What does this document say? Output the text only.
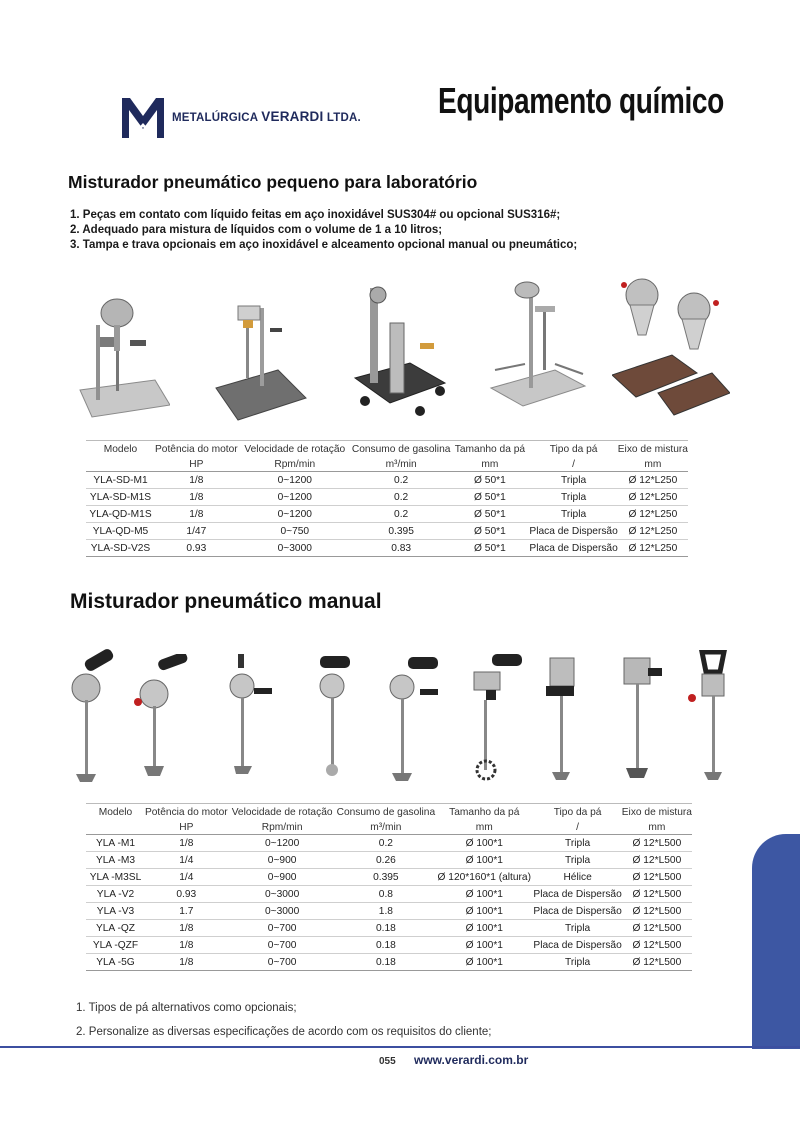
METALÚRGICA VERARDI LTDA. Equipamento químico
Misturador pneumático pequeno para laboratório
1. Peças em contato com líquido feitas em aço inoxidável SUS304# ou opcional SUS316#;
2. Adequado para mistura de líquidos com o volume de 1 a 10 litros;
3. Tampa e trava opcionais em aço inoxidável e alceamento opcional manual ou pneumático;
Modelo	Potência do motor	Velocidade de rotação	Consumo de gasolina	Tamanho da pá	Tipo da pá	Eixo de mistura
	HP	Rpm/min	m³/min	mm	/	mm
YLA-SD-M1	1/8	0~1200	0.2	Ø 50*1	Tripla	Ø 12*L250
YLA-SD-M1S	1/8	0~1200	0.2	Ø 50*1	Tripla	Ø 12*L250
YLA-QD-M1S	1/8	0~1200	0.2	Ø 50*1	Tripla	Ø 12*L250
YLA-QD-M5	1/47	0~750	0.395	Ø 50*1	Placa de Dispersão	Ø 12*L250
YLA-SD-V2S	0.93	0~3000	0.83	Ø 50*1	Placa de Dispersão	Ø 12*L250
Misturador pneumático manual
Modelo	Potência do motor	Velocidade de rotação	Consumo de gasolina	Tamanho da pá	Tipo da pá	Eixo de mistura
	HP	Rpm/min	m³/min	mm	/	mm
YLA -M1	1/8	0~1200	0.2	Ø 100*1	Tripla	Ø 12*L500
YLA -M3	1/4	0~900	0.26	Ø 100*1	Tripla	Ø 12*L500
YLA -M3SL	1/4	0~900	0.395	Ø 120*160*1 (altura)	Hélice	Ø 12*L500
YLA -V2	0.93	0~3000	0.8	Ø 100*1	Placa de Dispersão	Ø 12*L500
YLA -V3	1.7	0~3000	1.8	Ø 100*1	Placa de Dispersão	Ø 12*L500
YLA -QZ	1/8	0~700	0.18	Ø 100*1	Tripla	Ø 12*L500
YLA -QZF	1/8	0~700	0.18	Ø 100*1	Placa de Dispersão	Ø 12*L500
YLA -5G	1/8	0~700	0.18	Ø 100*1	Tripla	Ø 12*L500
1. Tipos de pá alternativos como opcionais;
2. Personalize as diversas especificações de acordo com os requisitos do cliente;
055 www.verardi.com.br
